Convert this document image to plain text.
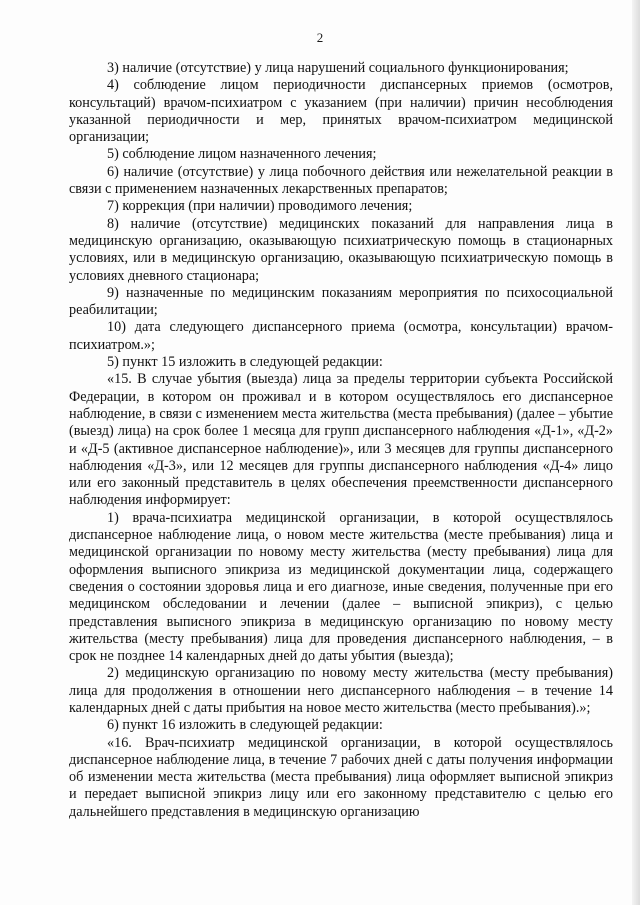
2

3) наличие (отсутствие) у лица нарушений социального функционирования;

4) соблюдение лицом периодичности диспансерных приемов (осмотров, консультаций) врачом-психиатром с указанием (при наличии) причин несоблюдения указанной периодичности и мер, принятых врачом-психиатром медицинской организации;

5) соблюдение лицом назначенного лечения;

6) наличие (отсутствие) у лица побочного действия или нежелательной реакции в связи с применением назначенных лекарственных препаратов;

7) коррекция (при наличии) проводимого лечения;

8) наличие (отсутствие) медицинских показаний для направления лица в медицинскую организацию, оказывающую психиатрическую помощь в стационарных условиях, или в медицинскую организацию, оказывающую психиатрическую помощь в условиях дневного стационара;

9) назначенные по медицинским показаниям мероприятия по психосоциальной реабилитации;

10) дата следующего диспансерного приема (осмотра, консультации) врачом-психиатром.»;

5) пункт 15 изложить в следующей редакции:

«15. В случае убытия (выезда) лица за пределы территории субъекта Российской Федерации, в котором он проживал и в котором осуществлялось его диспансерное наблюдение, в связи с изменением места жительства (места пребывания) (далее – убытие (выезд) лица) на срок более 1 месяца для групп диспансерного наблюдения «Д-1», «Д-2» и «Д-5 (активное диспансерное наблюдение)», или 3 месяцев для группы диспансерного наблюдения «Д-3», или 12 месяцев для группы диспансерного наблюдения «Д-4» лицо или его законный представитель в целях обеспечения преемственности диспансерного наблюдения информирует:

1) врача-психиатра медицинской организации, в которой осуществлялось диспансерное наблюдение лица, о новом месте жительства (месте пребывания) лица и медицинской организации по новому месту жительства (месту пребывания) лица для оформления выписного эпикриза из медицинской документации лица, содержащего сведения о состоянии здоровья лица и его диагнозе, иные сведения, полученные при его медицинском обследовании и лечении (далее – выписной эпикриз), с целью представления выписного эпикриза в медицинскую организацию по новому месту жительства (месту пребывания) лица для проведения диспансерного наблюдения, – в срок не позднее 14 календарных дней до даты убытия (выезда);

2) медицинскую организацию по новому месту жительства (месту пребывания) лица для продолжения в отношении него диспансерного наблюдения – в течение 14 календарных дней с даты прибытия на новое место жительства (место пребывания).»;

6) пункт 16 изложить в следующей редакции:

«16. Врач-психиатр медицинской организации, в которой осуществлялось диспансерное наблюдение лица, в течение 7 рабочих дней с даты получения информации об изменении места жительства (места пребывания) лица оформляет выписной эпикриз и передает выписной эпикриз лицу или его законному представителю с целью его дальнейшего представления в медицинскую организацию
